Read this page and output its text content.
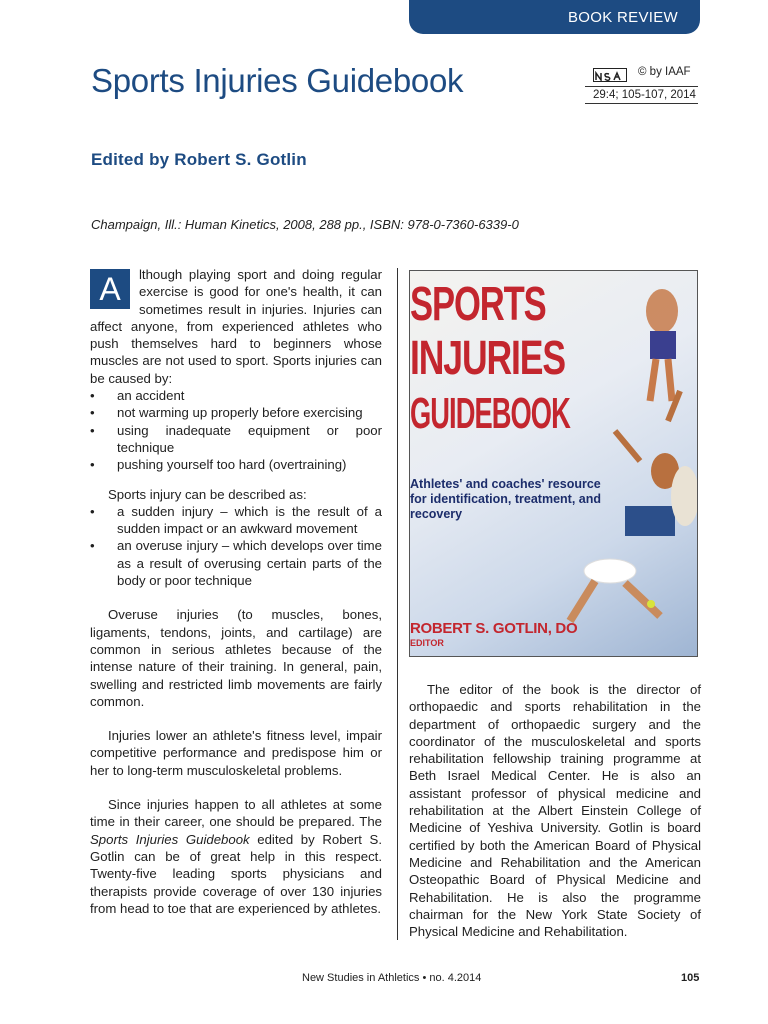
BOOK REVIEW
Sports Injuries Guidebook	© by IAAF
29:4; 105-107, 2014
Edited by Robert S. Gotlin
Champaign, Ill.: Human Kinetics, 2008, 288 pp., ISBN: 978-0-7360-6339-0

A	lthough playing sport and doing regular exercise is good for one's health, it can sometimes result in injuries. Injuries can affect anyone, from experienced athletes who push themselves hard to beginners whose muscles are not used to sport. Sports injuries can be caused by:

• an accident
• not warming up properly before exercising
• using inadequate equipment or poor technique
• pushing yourself too hard (overtraining)

Sports injury can be described as:

• a sudden injury – which is the result of a sudden impact or an awkward movement
• an overuse injury – which develops over time as a result of overusing certain parts of the body or poor technique

Overuse injuries (to muscles, bones, ligaments, tendons, joints, and cartilage) are common in serious athletes because of the intense nature of their training. In general, pain, swelling and restricted limb movements are fairly common.

Injuries lower an athlete's fitness level, impair competitive performance and predispose him or her to long-term musculoskeletal problems.

Since injuries happen to all athletes at some time in their career, one should be prepared. The Sports Injuries Guidebook edited by Robert S. Gotlin can be of great help in this respect. Twenty-five leading sports physicians and therapists provide coverage of over 130 injuries from head to toe that are experienced by athletes.

SPORTS
INJURIES
GUIDEBOOK
Athletes' and coaches' resource for identification, treatment, and recovery
ROBERT S. GOTLIN, DO
EDITOR

The editor of the book is the director of orthopaedic and sports rehabilitation in the department of orthopaedic surgery and the coordinator of the musculoskeletal and sports rehabilitation fellowship training programme at Beth Israel Medical Center. He is also an assistant professor of physical medicine and rehabilitation at the Albert Einstein College of Medicine of Yeshiva University. Gotlin is board certified by both the American Board of Physical Medicine and Rehabilitation and the American Osteopathic Board of Physical Medicine and Rehabilitation. He is also the programme chairman for the New York State Society of Physical Medicine and Rehabilitation.

New Studies in Athletics • no. 4.2014	105
